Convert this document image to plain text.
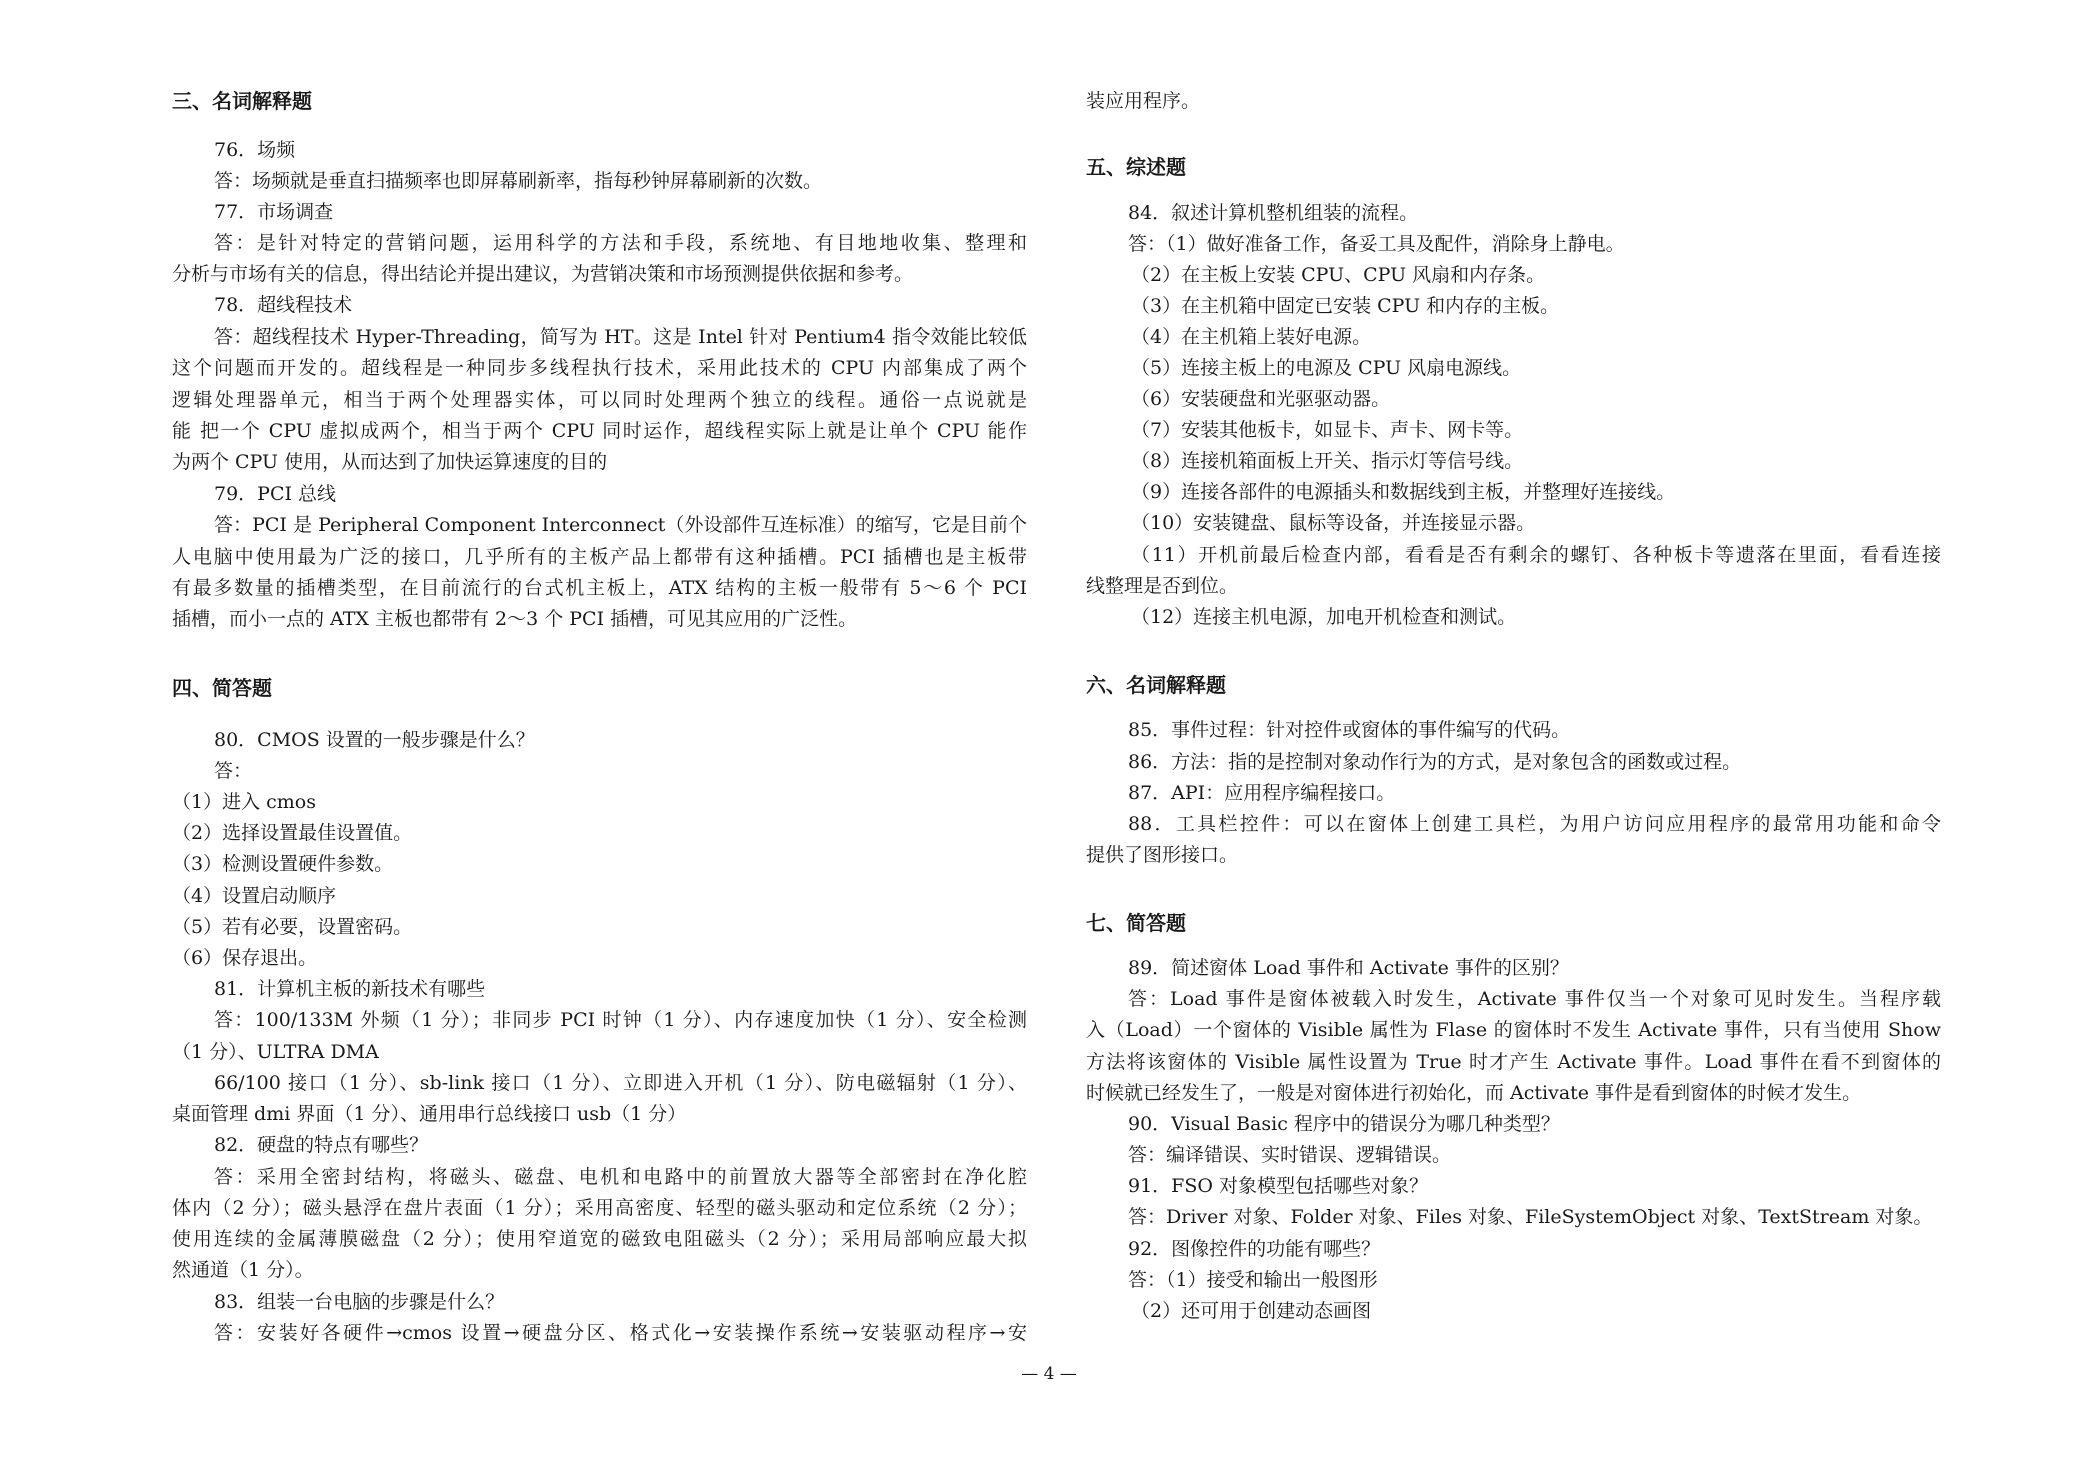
三、名词解释题
76．场频
答：场频就是垂直扫描频率也即屏幕刷新率，指每秒钟屏幕刷新的次数。
77．市场调查
答：是针对特定的营销问题，运用科学的方法和手段，系统地、有目地地收集、整理和
分析与市场有关的信息，得出结论并提出建议，为营销决策和市场预测提供依据和参考。
78．超线程技术
答：超线程技术 Hyper-Threading，简写为 HT。这是 Intel 针对 Pentium4 指令效能比较低
这个问题而开发的。超线程是一种同步多线程执行技术，采用此技术的 CPU 内部集成了两个
逻辑处理器单元，相当于两个处理器实体，可以同时处理两个独立的线程。通俗一点说就是
能 把一个 CPU 虚拟成两个，相当于两个 CPU 同时运作，超线程实际上就是让单个 CPU 能作
为两个 CPU 使用，从而达到了加快运算速度的目的
79．PCI 总线
答：PCI 是 Peripheral Component Interconnect（外设部件互连标准）的缩写，它是目前个
人电脑中使用最为广泛的接口，几乎所有的主板产品上都带有这种插槽。PCI 插槽也是主板带
有最多数量的插槽类型，在目前流行的台式机主板上，ATX 结构的主板一般带有 5～6 个 PCI
插槽，而小一点的 ATX 主板也都带有 2～3 个 PCI 插槽，可见其应用的广泛性。
四、简答题
80．CMOS 设置的一般步骤是什么？
答：
（1）进入 cmos
（2）选择设置最佳设置值。
（3）检测设置硬件参数。
（4）设置启动顺序
（5）若有必要，设置密码。
（6）保存退出。
81．计算机主板的新技术有哪些
答：100/133M 外频（1 分）；非同步 PCI 时钟（1 分）、内存速度加快（1 分）、安全检测
（1 分）、ULTRA DMA
66/100 接口（1 分）、sb-link 接口（1 分）、立即进入开机（1 分）、防电磁辐射（1 分）、
桌面管理 dmi 界面（1 分）、通用串行总线接口 usb（1 分）
82．硬盘的特点有哪些？
答：采用全密封结构，将磁头、磁盘、电机和电路中的前置放大器等全部密封在净化腔
体内（2 分）；磁头悬浮在盘片表面（1 分）；采用高密度、轻型的磁头驱动和定位系统（2 分）；
使用连续的金属薄膜磁盘（2 分）；使用窄道宽的磁致电阻磁头（2 分）；采用局部响应最大拟
然通道（1 分）。
83．组装一台电脑的步骤是什么？
答：安装好各硬件→cmos 设置→硬盘分区、格式化→安装操作系统→安装驱动程序→安
装应用程序。
五、综述题
84．叙述计算机整机组装的流程。
答：（1）做好准备工作，备妥工具及配件，消除身上静电。
（2）在主板上安装 CPU、CPU 风扇和内存条。
（3）在主机箱中固定已安装 CPU 和内存的主板。
（4）在主机箱上装好电源。
（5）连接主板上的电源及 CPU 风扇电源线。
（6）安装硬盘和光驱驱动器。
（7）安装其他板卡，如显卡、声卡、网卡等。
（8）连接机箱面板上开关、指示灯等信号线。
（9）连接各部件的电源插头和数据线到主板，并整理好连接线。
（10）安装键盘、鼠标等设备，并连接显示器。
（11）开机前最后检查内部，看看是否有剩余的螺钉、各种板卡等遗落在里面，看看连接
线整理是否到位。
（12）连接主机电源，加电开机检查和测试。
六、名词解释题
85．事件过程：针对控件或窗体的事件编写的代码。
86．方法：指的是控制对象动作行为的方式，是对象包含的函数或过程。
87．API：应用程序编程接口。
88．工具栏控件：可以在窗体上创建工具栏，为用户访问应用程序的最常用功能和命令
提供了图形接口。
七、简答题
89．简述窗体 Load 事件和 Activate 事件的区别？
答：Load 事件是窗体被载入时发生，Activate 事件仅当一个对象可见时发生。当程序载
入（Load）一个窗体的 Visible 属性为 Flase 的窗体时不发生 Activate 事件，只有当使用 Show
方法将该窗体的 Visible 属性设置为 True 时才产生 Activate 事件。Load 事件在看不到窗体的
时候就已经发生了，一般是对窗体进行初始化，而 Activate 事件是看到窗体的时候才发生。
90．Visual Basic 程序中的错误分为哪几种类型？
答：编译错误、实时错误、逻辑错误。
91．FSO 对象模型包括哪些对象？
答：Driver 对象、Folder 对象、Files 对象、FileSystemObject 对象、TextStream 对象。
92．图像控件的功能有哪些？
答：（1）接受和输出一般图形
（2）还可用于创建动态画图
— 4 —
